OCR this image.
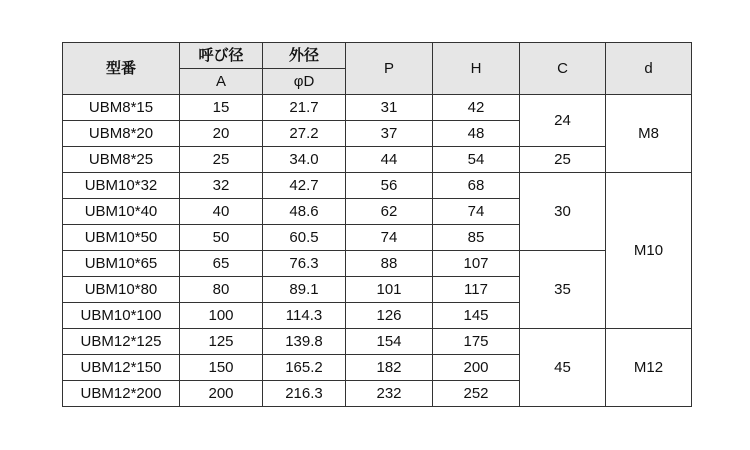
型番	呼び径	外径	P	H	C	d
	A	φD				
UBM8*15	15	21.7	31	42	24	M8
UBM8*20	20	27.2	37	48		
UBM8*25	25	34.0	44	54	25	
UBM10*32	32	42.7	56	68	30	M10
UBM10*40	40	48.6	62	74		
UBM10*50	50	60.5	74	85		
UBM10*65	65	76.3	88	107	35	
UBM10*80	80	89.1	101	117		
UBM10*100	100	114.3	126	145		
UBM12*125	125	139.8	154	175	45	M12
UBM12*150	150	165.2	182	200		
UBM12*200	200	216.3	232	252		
